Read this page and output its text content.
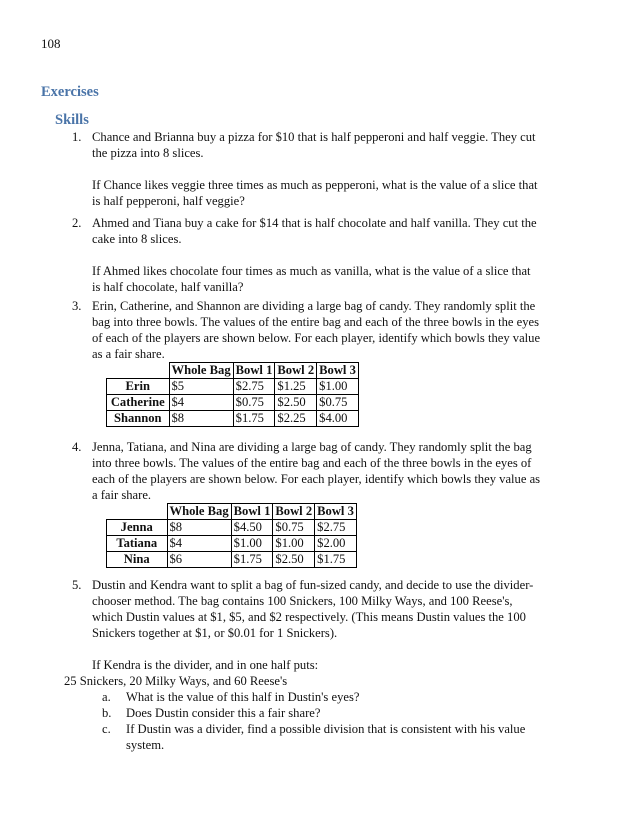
108
Exercises
Skills
1. Chance and Brianna buy a pizza for $10 that is half pepperoni and half veggie. They cut the pizza into 8 slices.

If Chance likes veggie three times as much as pepperoni, what is the value of a slice that is half pepperoni, half veggie?

2. Ahmed and Tiana buy a cake for $14 that is half chocolate and half vanilla. They cut the cake into 8 slices.

If Ahmed likes chocolate four times as much as vanilla, what is the value of a slice that is half chocolate, half vanilla?

3. Erin, Catherine, and Shannon are dividing a large bag of candy. They randomly split the bag into three bowls. The values of the entire bag and each of the three bowls in the eyes of each of the players are shown below. For each player, identify which bowls they value as a fair share.

	Whole Bag	Bowl 1	Bowl 2	Bowl 3
Erin	$5	$2.75	$1.25	$1.00
Catherine	$4	$0.75	$2.50	$0.75
Shannon	$8	$1.75	$2.25	$4.00
4. Jenna, Tatiana, and Nina are dividing a large bag of candy. They randomly split the bag into three bowls. The values of the entire bag and each of the three bowls in the eyes of each of the players are shown below. For each player, identify which bowls they value as a fair share.

	Whole Bag	Bowl 1	Bowl 2	Bowl 3
Jenna	$8	$4.50	$0.75	$2.75
Tatiana	$4	$1.00	$1.00	$2.00
Nina	$6	$1.75	$2.50	$1.75
5. Dustin and Kendra want to split a bag of fun-sized candy, and decide to use the divider-chooser method. The bag contains 100 Snickers, 100 Milky Ways, and 100 Reese's, which Dustin values at $1, $5, and $2 respectively. (This means Dustin values the 100 Snickers together at $1, or $0.01 for 1 Snickers).

If Kendra is the divider, and in one half puts:

25 Snickers, 20 Milky Ways, and 60 Reese's
a. What is the value of this half in Dustin's eyes?
b. Does Dustin consider this a fair share?
c. If Dustin was a divider, find a possible division that is consistent with his value system.
